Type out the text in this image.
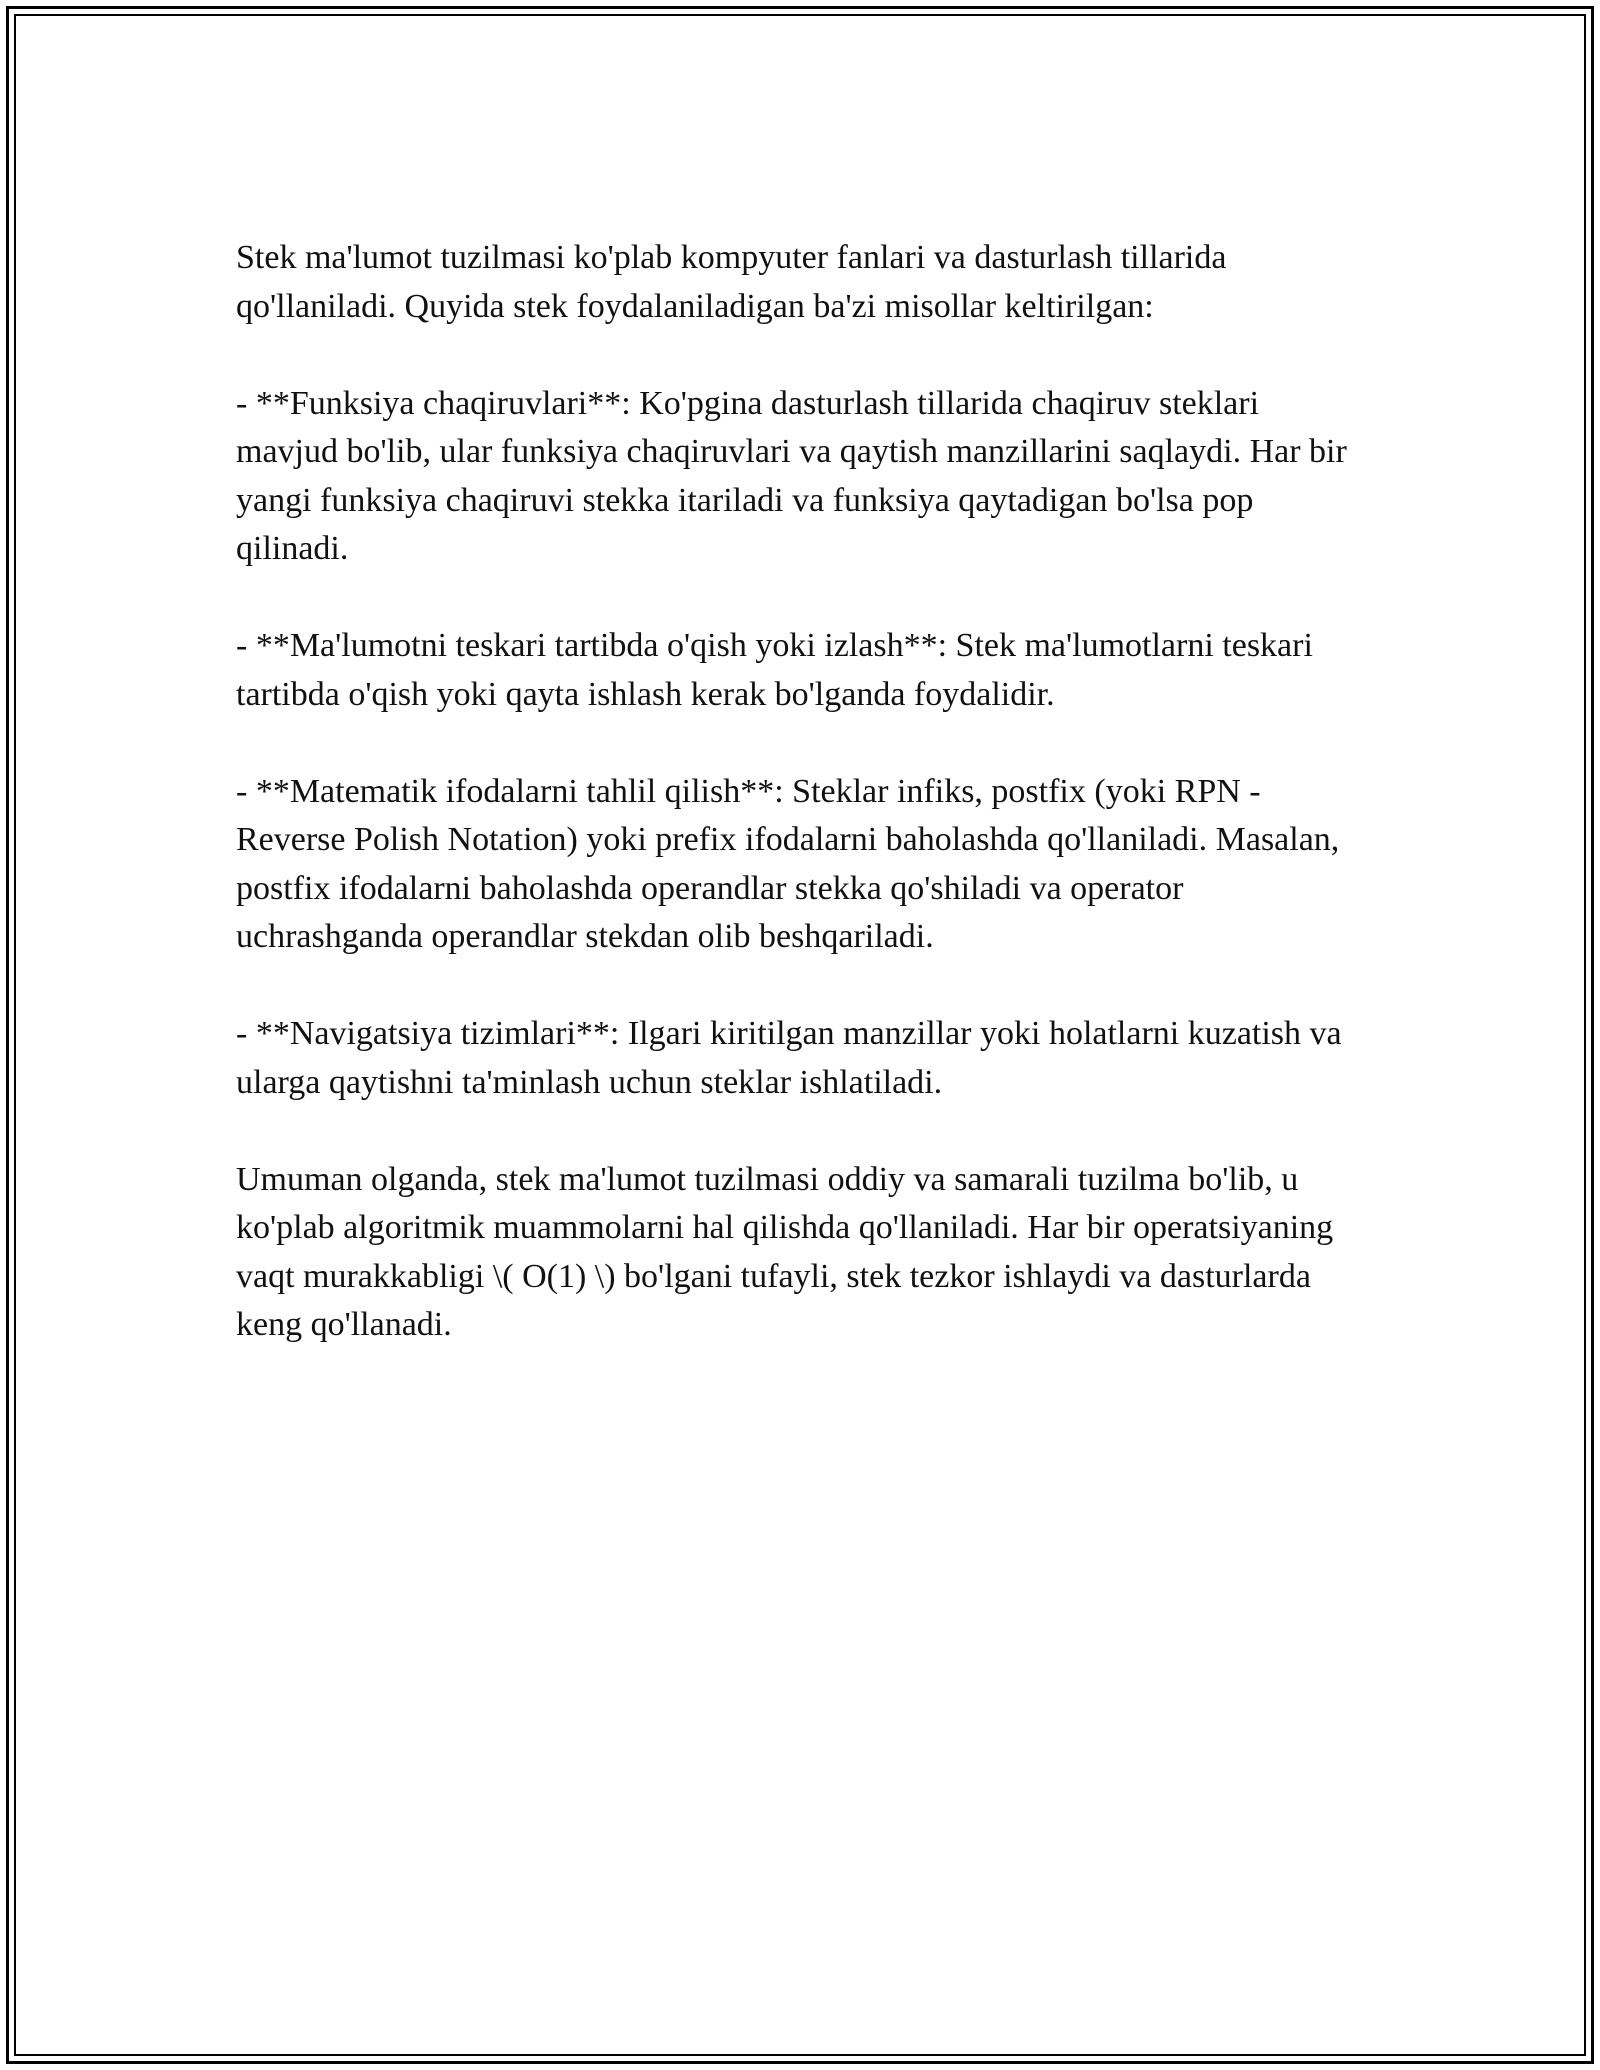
Stek ma'lumot tuzilmasi ko'plab kompyuter fanlari va dasturlash tillarida qo'llaniladi. Quyida stek foydalaniladigan ba'zi misollar keltirilgan:

- **Funksiya chaqiruvlari**: Ko'pgina dasturlash tillarida chaqiruv steklari mavjud bo'lib, ular funksiya chaqiruvlari va qaytish manzillarini saqlaydi. Har bir yangi funksiya chaqiruvi stekka itariladi va funksiya qaytadigan bo'lsa pop qilinadi.

- **Ma'lumotni teskari tartibda o'qish yoki izlash**: Stek ma'lumotlarni teskari tartibda o'qish yoki qayta ishlash kerak bo'lganda foydalidir.

- **Matematik ifodalarni tahlil qilish**: Steklar infiks, postfix (yoki RPN - Reverse Polish Notation) yoki prefix ifodalarni baholashda qo'llaniladi. Masalan, postfix ifodalarni baholashda operandlar stekka qo'shiladi va operator uchrashganda operandlar stekdan olib beshqariladi.

- **Navigatsiya tizimlari**: Ilgari kiritilgan manzillar yoki holatlarni kuzatish va ularga qaytishni ta'minlash uchun steklar ishlatiladi.

Umuman olganda, stek ma'lumot tuzilmasi oddiy va samarali tuzilma bo'lib, u ko'plab algoritmik muammolarni hal qilishda qo'llaniladi. Har bir operatsiyaning vaqt murakkabligi \( O(1) \) bo'lgani tufayli, stek tezkor ishlaydi va dasturlarda keng qo'llanadi.
